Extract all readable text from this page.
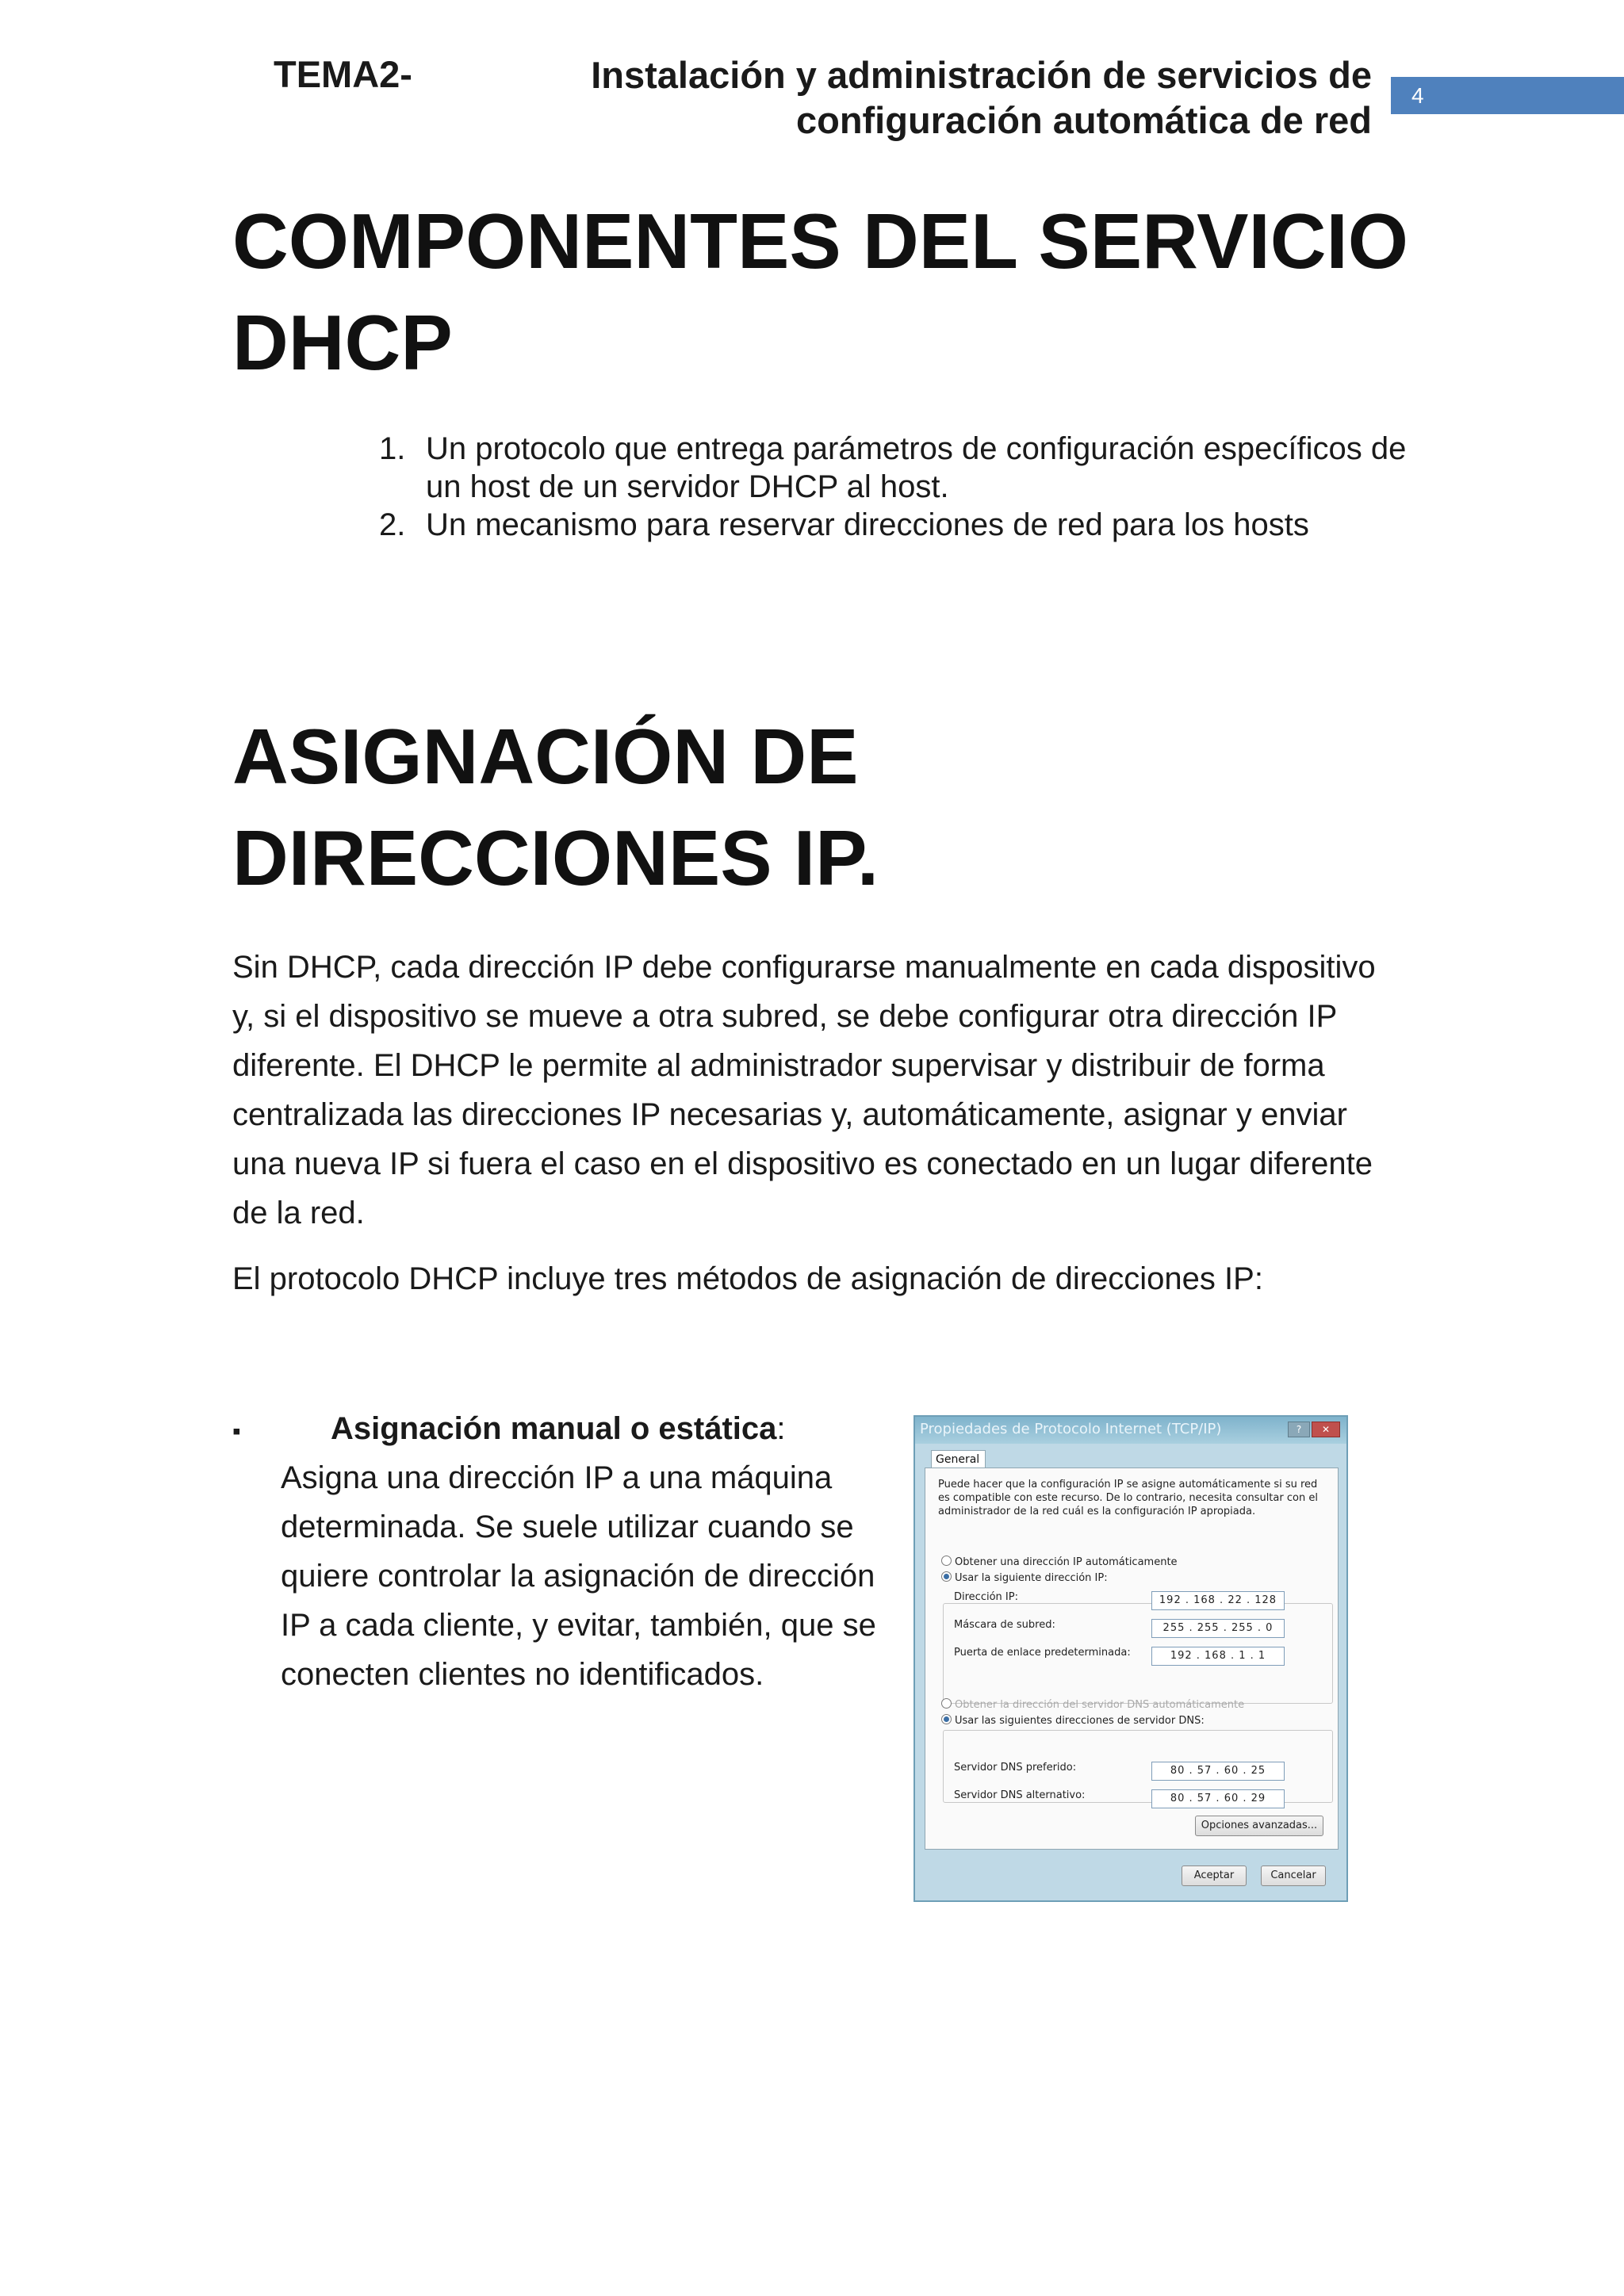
TEMA2-	Instalación y administración de servicios de
configuración automática de red
4
COMPONENTES DEL SERVICIO
DHCP
1. Un protocolo que entrega parámetros de configuración específicos de un host de un servidor DHCP al host.
2. Un mecanismo para reservar direcciones de red para los hosts
ASIGNACIÓN DE
DIRECCIONES IP.

Sin DHCP, cada dirección IP debe configurarse manualmente en cada dispositivo y, si el dispositivo se mueve a otra subred, se debe configurar otra dirección IP diferente. El DHCP le permite al administrador supervisar y distribuir de forma centralizada las direcciones IP necesarias y, automáticamente, asignar y enviar una nueva IP si fuera el caso en el dispositivo es conectado en un lugar diferente de la red.

El protocolo DHCP incluye tres métodos de asignación de direcciones IP:

▪	Asignación manual o estática:

Asigna una dirección IP a una máquina determinada. Se suele utilizar cuando se quiere controlar la asignación de dirección IP a cada cliente, y evitar, también, que se conecten clientes no identificados.

Propiedades de Protocolo Internet (TCP/IP)	?	✕
General
Puede hacer que la configuración IP se asigne automáticamente si su red es compatible con este recurso. De lo contrario, necesita consultar con el administrador de la red cuál es la configuración IP apropiada.
Obtener una dirección IP automáticamente
Usar la siguiente dirección IP:
Dirección IP:	192 . 168 . 22 . 128
Máscara de subred:	255 . 255 . 255 . 0
Puerta de enlace predeterminada:	192 . 168 . 1 . 1
Obtener la dirección del servidor DNS automáticamente
Usar las siguientes direcciones de servidor DNS:
Servidor DNS preferido:	80 . 57 . 60 . 25
Servidor DNS alternativo:	80 . 57 . 60 . 29
Opciones avanzadas...
Aceptar	Cancelar
